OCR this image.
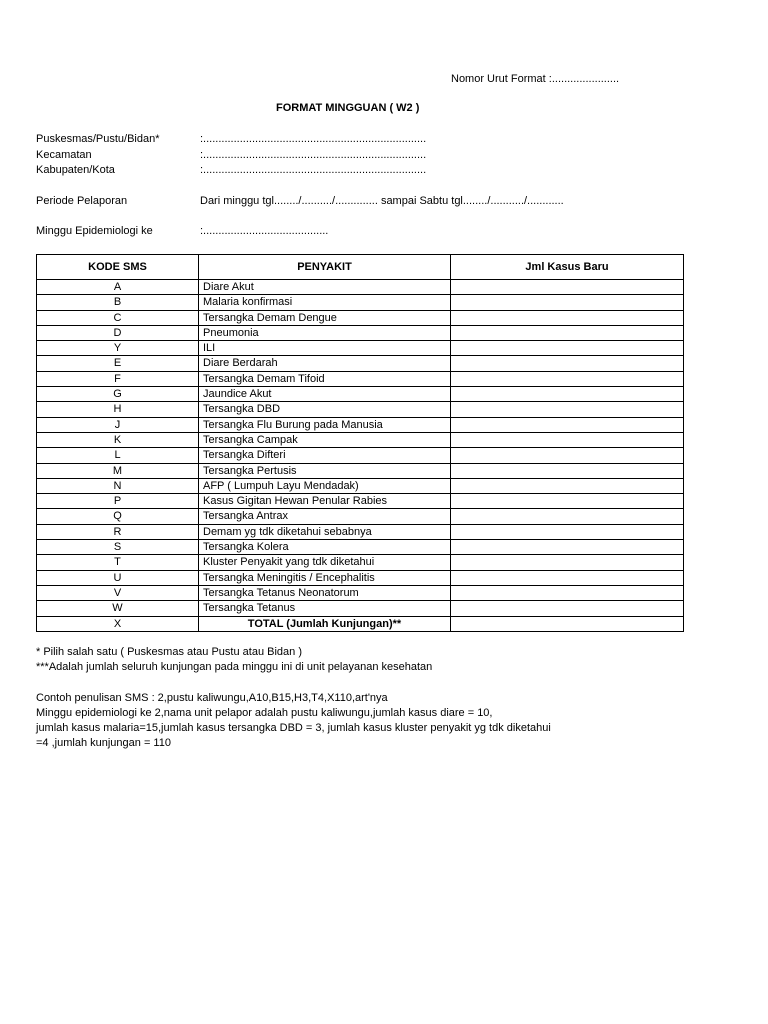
Nomor Urut Format :......................
FORMAT MINGGUAN ( W2 )
Puskesmas/Pustu/Bidan*	:.........................................................................
Kecamatan	:.........................................................................
Kabupaten/Kota	:.........................................................................
Periode Pelaporan	Dari minggu tgl......../........../.............. sampai Sabtu tgl......../.........../............
Minggu Epidemiologi ke	:.........................................
KODE SMS	PENYAKIT	Jml Kasus Baru
A	Diare Akut	
B	Malaria konfirmasi	
C	Tersangka Demam Dengue	
D	Pneumonia	
Y	ILI	
E	Diare Berdarah	
F	Tersangka Demam Tifoid	
G	Jaundice Akut	
H	Tersangka DBD	
J	Tersangka Flu Burung pada Manusia	
K	Tersangka Campak	
L	Tersangka Difteri	
M	Tersangka Pertusis	
N	AFP ( Lumpuh Layu Mendadak)	
P	Kasus Gigitan Hewan Penular Rabies	
Q	Tersangka Antrax	
R	Demam yg tdk diketahui sebabnya	
S	Tersangka Kolera	
T	Kluster Penyakit yang tdk diketahui	
U	Tersangka Meningitis / Encephalitis	
V	Tersangka Tetanus Neonatorum	
W	Tersangka Tetanus	
X	TOTAL (Jumlah Kunjungan)**	
* Pilih salah satu ( Puskesmas atau Pustu atau Bidan )
***Adalah jumlah seluruh kunjungan pada minggu ini di unit pelayanan kesehatan
Contoh penulisan SMS : 2,pustu kaliwungu,A10,B15,H3,T4,X110,art'nya
Minggu epidemiologi ke 2,nama unit pelapor adalah pustu kaliwungu,jumlah kasus diare = 10,
jumlah kasus malaria=15,jumlah kasus tersangka DBD = 3, jumlah kasus kluster penyakit yg tdk diketahui
=4 ,jumlah kunjungan = 110
